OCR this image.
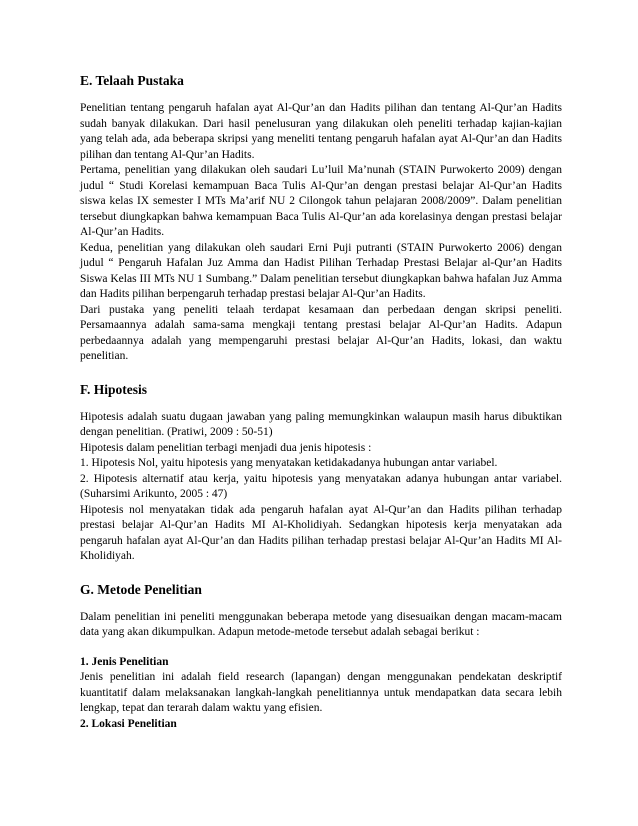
E. Telaah Pustaka

Penelitian tentang pengaruh hafalan ayat Al-Qur’an dan Hadits pilihan dan tentang Al-Qur’an Hadits sudah banyak dilakukan. Dari hasil penelusuran yang dilakukan oleh peneliti terhadap kajian-kajian yang telah ada, ada beberapa skripsi yang meneliti tentang pengaruh hafalan ayat Al-Qur’an dan Hadits pilihan dan tentang Al-Qur’an Hadits.

Pertama, penelitian yang dilakukan oleh saudari Lu’luil Ma’nunah (STAIN Purwokerto 2009) dengan judul “ Studi Korelasi kemampuan Baca Tulis Al-Qur’an dengan prestasi belajar Al-Qur’an Hadits siswa kelas IX semester I MTs Ma’arif NU 2 Cilongok tahun pelajaran 2008/2009”. Dalam penelitian tersebut diungkapkan bahwa kemampuan Baca Tulis Al-Qur’an ada korelasinya dengan prestasi belajar Al-Qur’an Hadits.

Kedua, penelitian yang dilakukan oleh saudari Erni Puji putranti (STAIN Purwokerto 2006) dengan judul “ Pengaruh Hafalan Juz Amma dan Hadist Pilihan Terhadap Prestasi Belajar al-Qur’an Hadits Siswa Kelas III MTs NU 1 Sumbang.” Dalam penelitian tersebut diungkapkan bahwa hafalan Juz Amma dan Hadits pilihan berpengaruh terhadap prestasi belajar Al-Qur’an Hadits.

Dari pustaka yang peneliti telaah terdapat kesamaan dan perbedaan dengan skripsi peneliti. Persamaannya adalah sama-sama mengkaji tentang prestasi belajar Al-Qur’an Hadits. Adapun perbedaannya adalah yang mempengaruhi prestasi belajar Al-Qur’an Hadits, lokasi, dan waktu penelitian.

F. Hipotesis

Hipotesis adalah suatu dugaan jawaban yang paling memungkinkan walaupun masih harus dibuktikan dengan penelitian. (Pratiwi, 2009 : 50-51)

Hipotesis dalam penelitian terbagi menjadi dua jenis hipotesis :

1. Hipotesis Nol, yaitu hipotesis yang menyatakan ketidakadanya hubungan antar variabel.

2. Hipotesis alternatif atau kerja, yaitu hipotesis yang menyatakan adanya hubungan antar variabel. (Suharsimi Arikunto, 2005 : 47)

Hipotesis nol menyatakan tidak ada pengaruh hafalan ayat Al-Qur’an dan Hadits pilihan terhadap prestasi belajar Al-Qur’an Hadits MI Al-Kholidiyah. Sedangkan hipotesis kerja menyatakan ada pengaruh hafalan ayat Al-Qur’an dan Hadits pilihan terhadap prestasi belajar Al-Qur’an Hadits MI Al-Kholidiyah.

G. Metode Penelitian

Dalam penelitian ini peneliti menggunakan beberapa metode yang disesuaikan dengan macam-macam data yang akan dikumpulkan. Adapun metode-metode tersebut adalah sebagai berikut :

1. Jenis Penelitian

Jenis penelitian ini adalah field research (lapangan) dengan menggunakan pendekatan deskriptif kuantitatif dalam melaksanakan langkah-langkah penelitiannya untuk mendapatkan data secara lebih lengkap, tepat dan terarah dalam waktu yang efisien.

2. Lokasi Penelitian
